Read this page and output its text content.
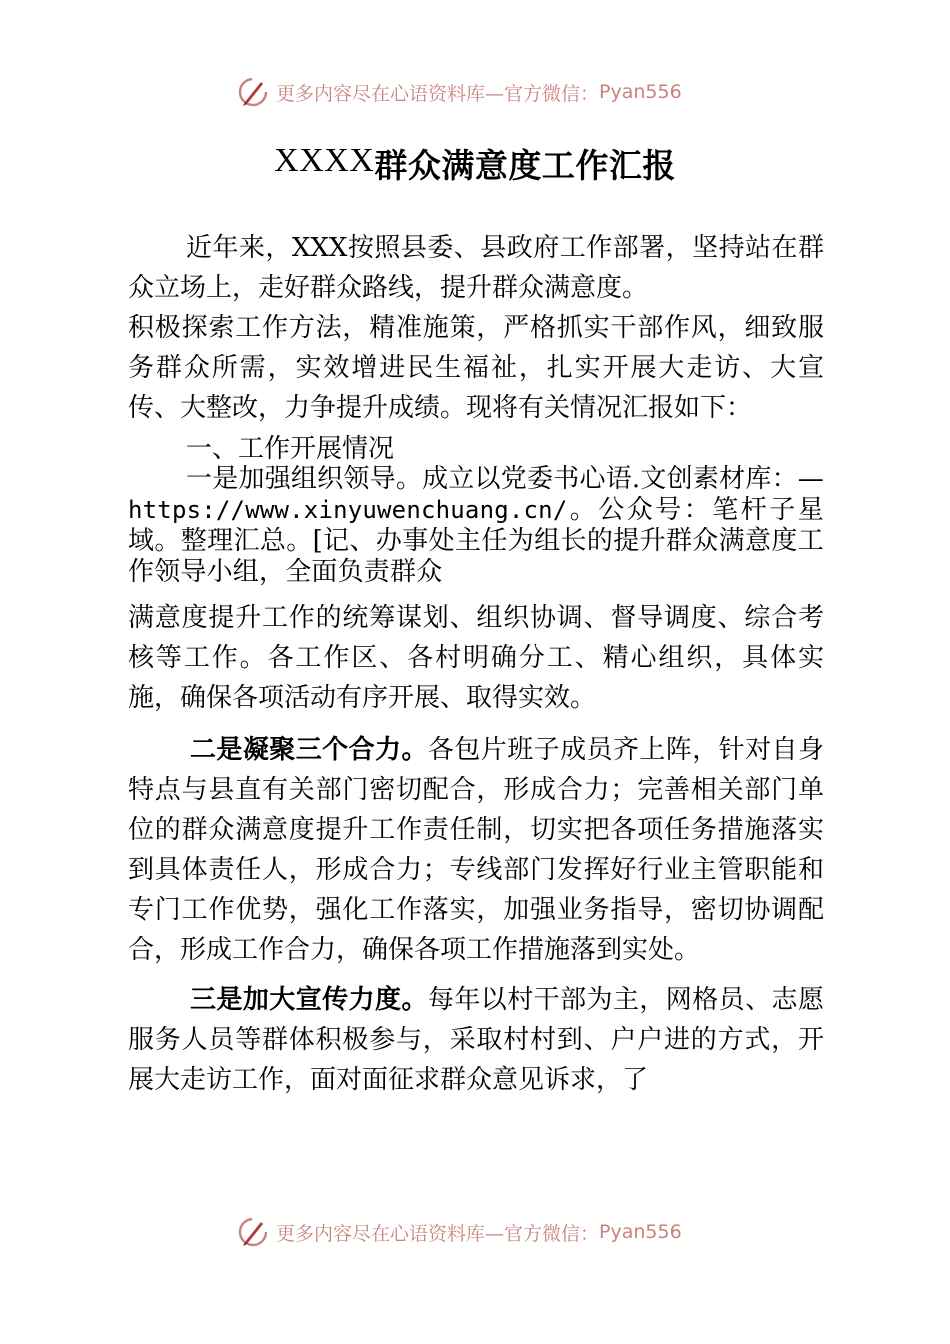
更多内容尽在心语资料库—官方微信： Pyan556
XXXX群众满意度工作汇报

近年来，XXX按照县委、县政府工作部署，坚持站在群众立场上，走好群众路线，提升群众满意度。

积极探索工作方法，精准施策，严格抓实干部作风，细致服务群众所需，实效增进民生福祉，扎实开展大走访、大宣传、大整改，力争提升成绩。现将有关情况汇报如下：

一、工作开展情况

一是加强组织领导。成立以党委书心语.文创素材库：—https://www.xinyuwenchuang.cn/。公众号：笔杆子星域。整理汇总。[记、办事处主任为组长的提升群众满意度工作领导小组，全面负责群众

满意度提升工作的统筹谋划、组织协调、督导调度、综合考核等工作。各工作区、各村明确分工、精心组织，具体实施，确保各项活动有序开展、取得实效。

二是凝聚三个合力。各包片班子成员齐上阵，针对自身特点与县直有关部门密切配合，形成合力；完善相关部门单位的群众满意度提升工作责任制，切实把各项任务措施落实到具体责任人，形成合力；专线部门发挥好行业主管职能和专门工作优势，强化工作落实，加强业务指导，密切协调配合，形成工作合力，确保各项工作措施落到实处。

三是加大宣传力度。每年以村干部为主，网格员、志愿服务人员等群体积极参与，采取村村到、户户进的方式，开展大走访工作，面对面征求群众意见诉求，了

更多内容尽在心语资料库—官方微信： Pyan556
